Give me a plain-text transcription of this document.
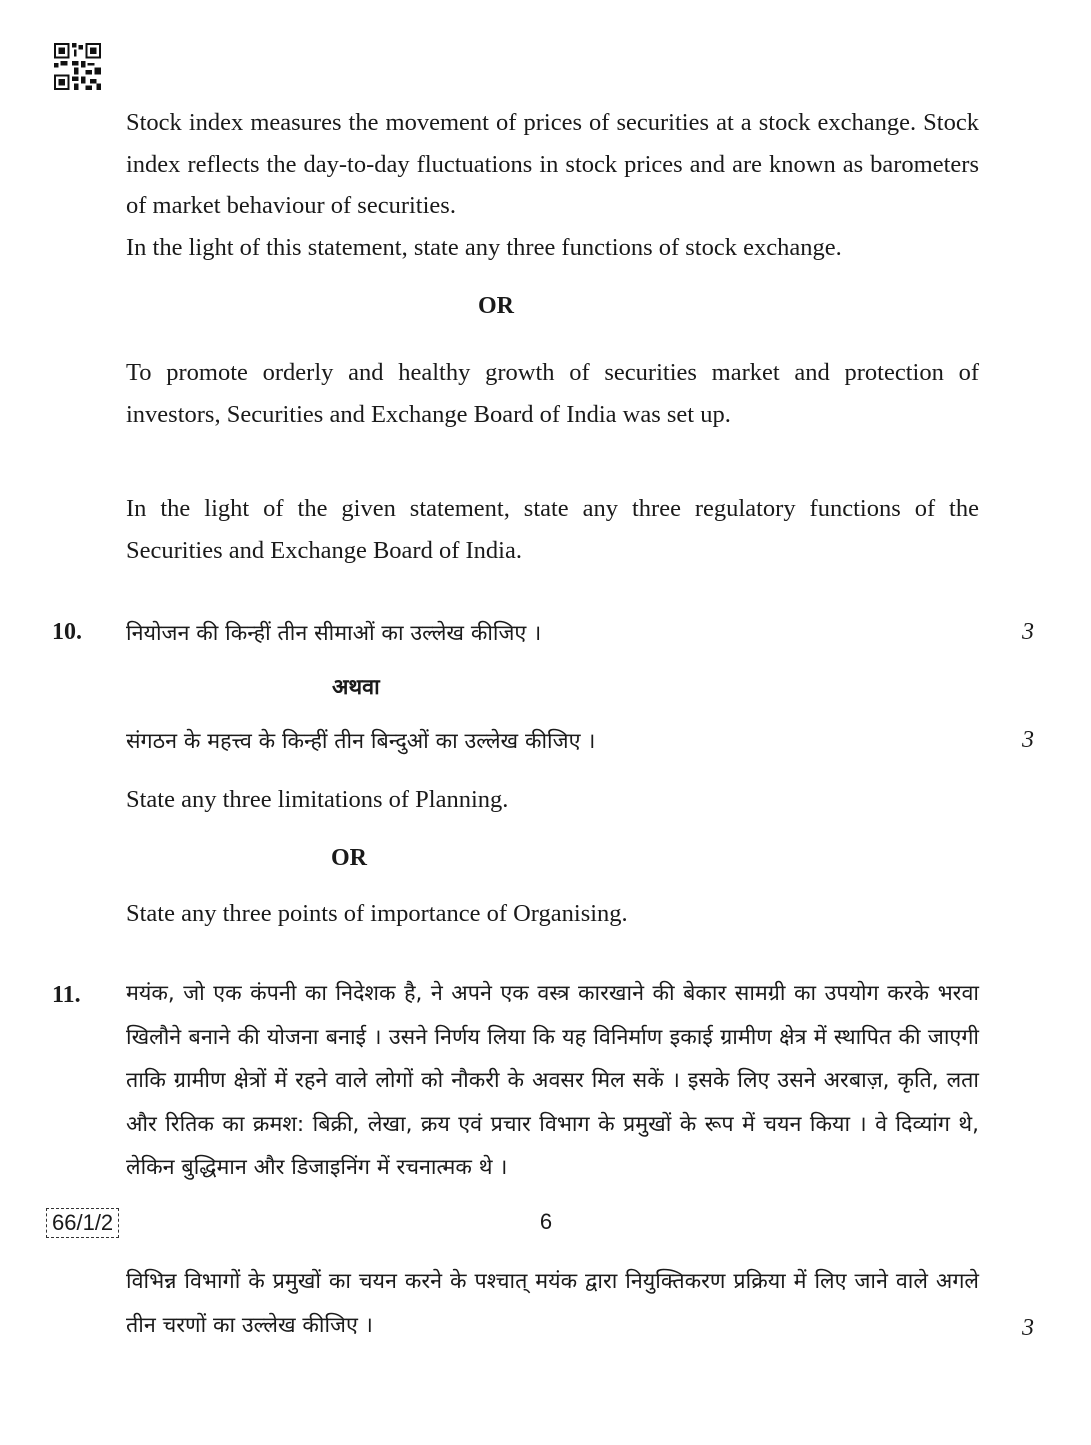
Stock index measures the movement of prices of securities at a stock exchange. Stock index reflects the day-to-day fluctuations in stock prices and are known as barometers of market behaviour of securities.
In the light of this statement, state any three functions of stock exchange.
OR
To promote orderly and healthy growth of securities market and protection of investors, Securities and Exchange Board of India was set up.
In the light of the given statement, state any three regulatory functions of the Securities and Exchange Board of India.
10. नियोजन की किन्हीं तीन सीमाओं का उल्लेख कीजिए ।	3
अथवा
संगठन के महत्त्व के किन्हीं तीन बिन्दुओं का उल्लेख कीजिए ।	3
State any three limitations of Planning.
OR
State any three points of importance of Organising.
11. मयंक, जो एक कंपनी का निदेशक है, ने अपने एक वस्त्र कारखाने की बेकार सामग्री का उपयोग करके भरवा खिलौने बनाने की योजना बनाई । उसने निर्णय लिया कि यह विनिर्माण इकाई ग्रामीण क्षेत्र में स्थापित की जाएगी ताकि ग्रामीण क्षेत्रों में रहने वाले लोगों को नौकरी के अवसर मिल सकें । इसके लिए उसने अरबाज़, कृति, लता और रितिक का क्रमश: बिक्री, लेखा, क्रय एवं प्रचार विभाग के प्रमुखों के रूप में चयन किया । वे दिव्यांग थे, लेकिन बुद्धिमान और डिजाइनिंग में रचनात्मक थे ।
विभिन्न विभागों के प्रमुखों का चयन करने के पश्चात् मयंक द्वारा नियुक्तिकरण प्रक्रिया में लिए जाने वाले अगले तीन चरणों का उल्लेख कीजिए ।	3
66/1/2	6
